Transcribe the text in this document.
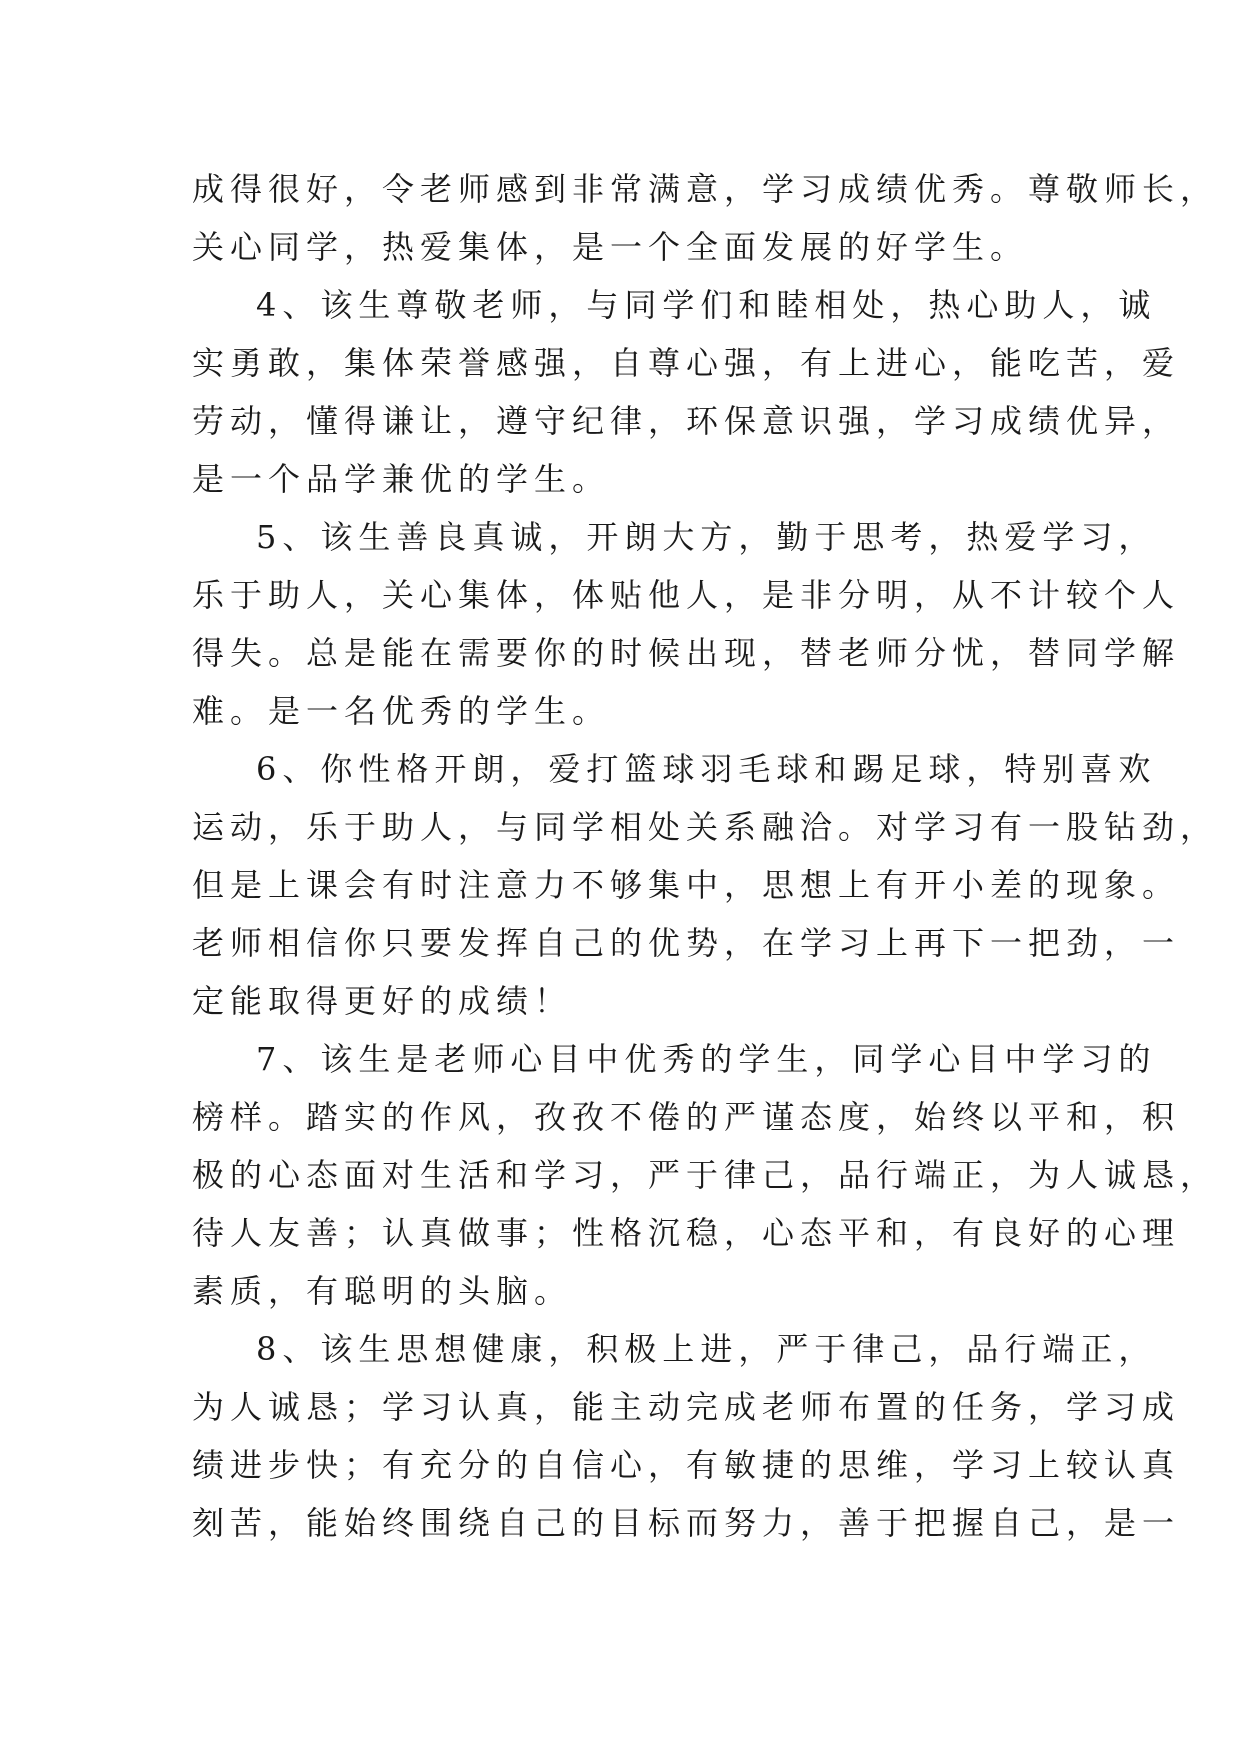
成得很好，令老师感到非常满意，学习成绩优秀。尊敬师长，
关心同学，热爱集体，是一个全面发展的好学生。
4、该生尊敬老师，与同学们和睦相处，热心助人，诚
实勇敢，集体荣誉感强，自尊心强，有上进心，能吃苦，爱
劳动，懂得谦让，遵守纪律，环保意识强，学习成绩优异，
是一个品学兼优的学生。
5、该生善良真诚，开朗大方，勤于思考，热爱学习，
乐于助人，关心集体，体贴他人，是非分明，从不计较个人
得失。总是能在需要你的时候出现，替老师分忧，替同学解
难。是一名优秀的学生。
6、你性格开朗，爱打篮球羽毛球和踢足球，特别喜欢
运动，乐于助人，与同学相处关系融洽。对学习有一股钻劲，
但是上课会有时注意力不够集中，思想上有开小差的现象。
老师相信你只要发挥自己的优势，在学习上再下一把劲，一
定能取得更好的成绩！
7、该生是老师心目中优秀的学生，同学心目中学习的
榜样。踏实的作风，孜孜不倦的严谨态度，始终以平和，积
极的心态面对生活和学习，严于律己，品行端正，为人诚恳，
待人友善；认真做事；性格沉稳，心态平和，有良好的心理
素质，有聪明的头脑。
8、该生思想健康，积极上进，严于律己，品行端正，
为人诚恳；学习认真，能主动完成老师布置的任务，学习成
绩进步快；有充分的自信心，有敏捷的思维，学习上较认真
刻苦，能始终围绕自己的目标而努力，善于把握自己，是一
